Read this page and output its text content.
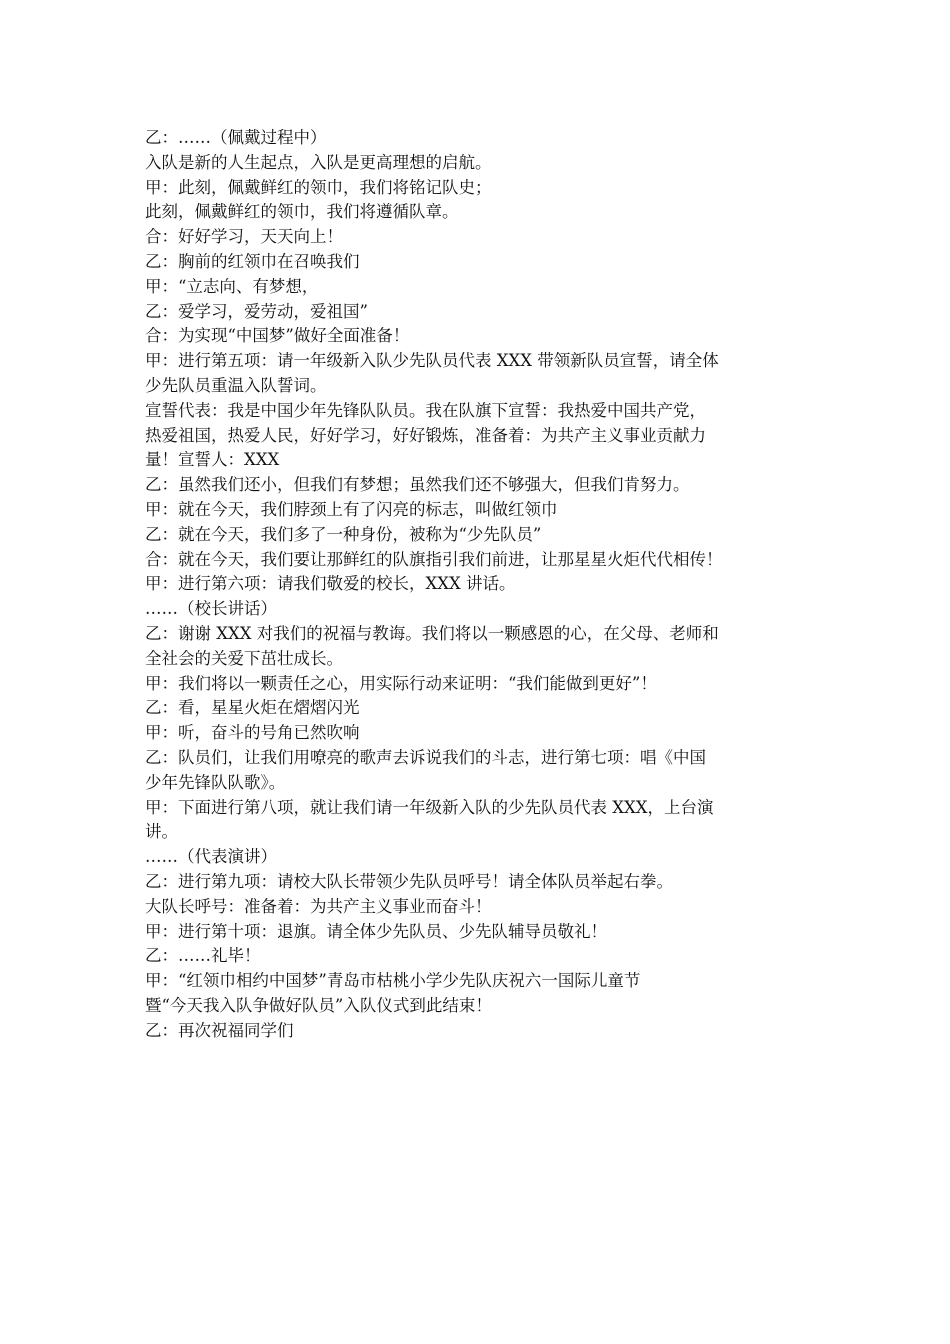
乙：……（佩戴过程中）
入队是新的人生起点，入队是更高理想的启航。
甲：此刻，佩戴鲜红的领巾，我们将铭记队史；
此刻，佩戴鲜红的领巾，我们将遵循队章。
合：好好学习，天天向上！
乙：胸前的红领巾在召唤我们
甲：“立志向、有梦想，
乙：爱学习，爱劳动，爱祖国”
合：为实现“中国梦”做好全面准备！
甲：进行第五项：请一年级新入队少先队员代表 XXX 带领新队员宣誓，请全体
少先队员重温入队誓词。
宣誓代表：我是中国少年先锋队队员。我在队旗下宣誓：我热爱中国共产党，
热爱祖国，热爱人民，好好学习，好好锻炼，准备着：为共产主义事业贡献力
量！宣誓人：XXX
乙：虽然我们还小，但我们有梦想；虽然我们还不够强大，但我们肯努力。
甲：就在今天，我们脖颈上有了闪亮的标志，叫做红领巾
乙：就在今天，我们多了一种身份，被称为“少先队员”
合：就在今天，我们要让那鲜红的队旗指引我们前进，让那星星火炬代代相传！
甲：进行第六项：请我们敬爱的校长，XXX 讲话。
……（校长讲话）
乙：谢谢 XXX 对我们的祝福与教诲。我们将以一颗感恩的心，在父母、老师和
全社会的关爱下茁壮成长。
甲：我们将以一颗责任之心，用实际行动来证明：“我们能做到更好”！
乙：看，星星火炬在熠熠闪光
甲：听，奋斗的号角已然吹响
乙：队员们，让我们用嘹亮的歌声去诉说我们的斗志，进行第七项：唱《中国
少年先锋队队歌》。
甲：下面进行第八项，就让我们请一年级新入队的少先队员代表 XXX，上台演
讲。
……（代表演讲）
乙：进行第九项：请校大队长带领少先队员呼号！请全体队员举起右拳。
大队长呼号：准备着：为共产主义事业而奋斗！
甲：进行第十项：退旗。请全体少先队员、少先队辅导员敬礼！
乙：……礼毕！
甲：“红领巾相约中国梦”青岛市枯桃小学少先队庆祝六一国际儿童节
暨“今天我入队争做好队员”入队仪式到此结束！
乙：再次祝福同学们
